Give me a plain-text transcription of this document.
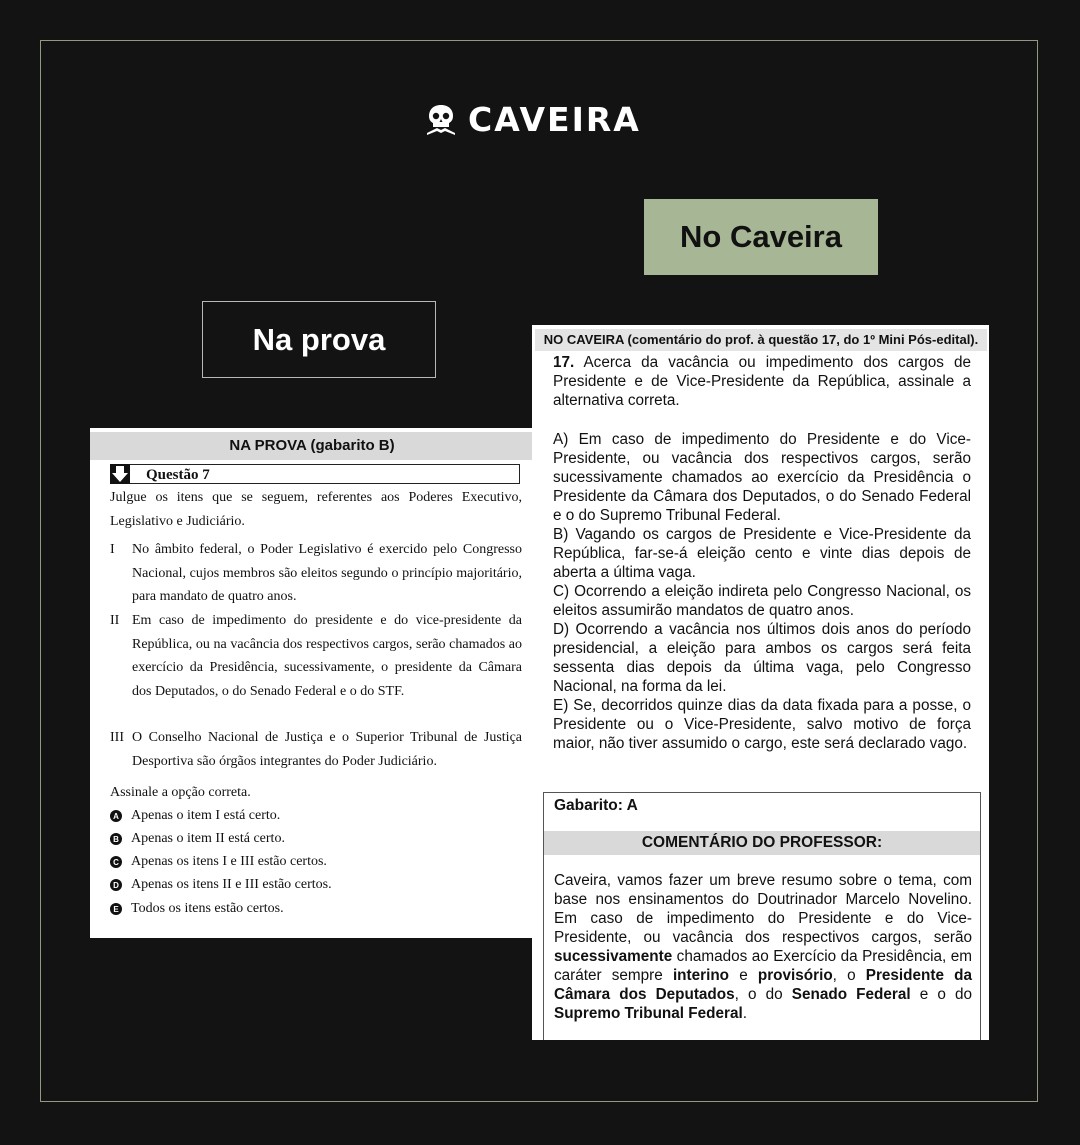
CAVEIRA
No Caveira
Na prova
NA PROVA (gabarito B)
Questão 7
Julgue os itens que se seguem, referentes aos Poderes Executivo, Legislativo e Judiciário.
I No âmbito federal, o Poder Legislativo é exercido pelo Congresso Nacional, cujos membros são eleitos segundo o princípio majoritário, para mandato de quatro anos.
II Em caso de impedimento do presidente e do vice-presidente da República, ou na vacância dos respectivos cargos, serão chamados ao exercício da Presidência, sucessivamente, o presidente da Câmara dos Deputados, o do Senado Federal e o do STF.
III O Conselho Nacional de Justiça e o Superior Tribunal de Justiça Desportiva são órgãos integrantes do Poder Judiciário.
Assinale a opção correta.
A Apenas o item I está certo.
B Apenas o item II está certo.
C Apenas os itens I e III estão certos.
D Apenas os itens II e III estão certos.
E Todos os itens estão certos.
NO CAVEIRA (comentário do prof. à questão 17, do 1º Mini Pós-edital).
17. Acerca da vacância ou impedimento dos cargos de Presidente e de Vice-Presidente da República, assinale a alternativa correta.
A) Em caso de impedimento do Presidente e do Vice-Presidente, ou vacância dos respectivos cargos, serão sucessivamente chamados ao exercício da Presidência o Presidente da Câmara dos Deputados, o do Senado Federal e o do Supremo Tribunal Federal.
B) Vagando os cargos de Presidente e Vice-Presidente da República, far-se-á eleição cento e vinte dias depois de aberta a última vaga.
C) Ocorrendo a eleição indireta pelo Congresso Nacional, os eleitos assumirão mandatos de quatro anos.
D) Ocorrendo a vacância nos últimos dois anos do período presidencial, a eleição para ambos os cargos será feita sessenta dias depois da última vaga, pelo Congresso Nacional, na forma da lei.
E) Se, decorridos quinze dias da data fixada para a posse, o Presidente ou o Vice-Presidente, salvo motivo de força maior, não tiver assumido o cargo, este será declarado vago.
Gabarito: A
COMENTÁRIO DO PROFESSOR:
Caveira, vamos fazer um breve resumo sobre o tema, com base nos ensinamentos do Doutrinador Marcelo Novelino. Em caso de impedimento do Presidente e do Vice-Presidente, ou vacância dos respectivos cargos, serão sucessivamente chamados ao Exercício da Presidência, em caráter sempre interino e provisório, o Presidente da Câmara dos Deputados, o do Senado Federal e o do Supremo Tribunal Federal.
